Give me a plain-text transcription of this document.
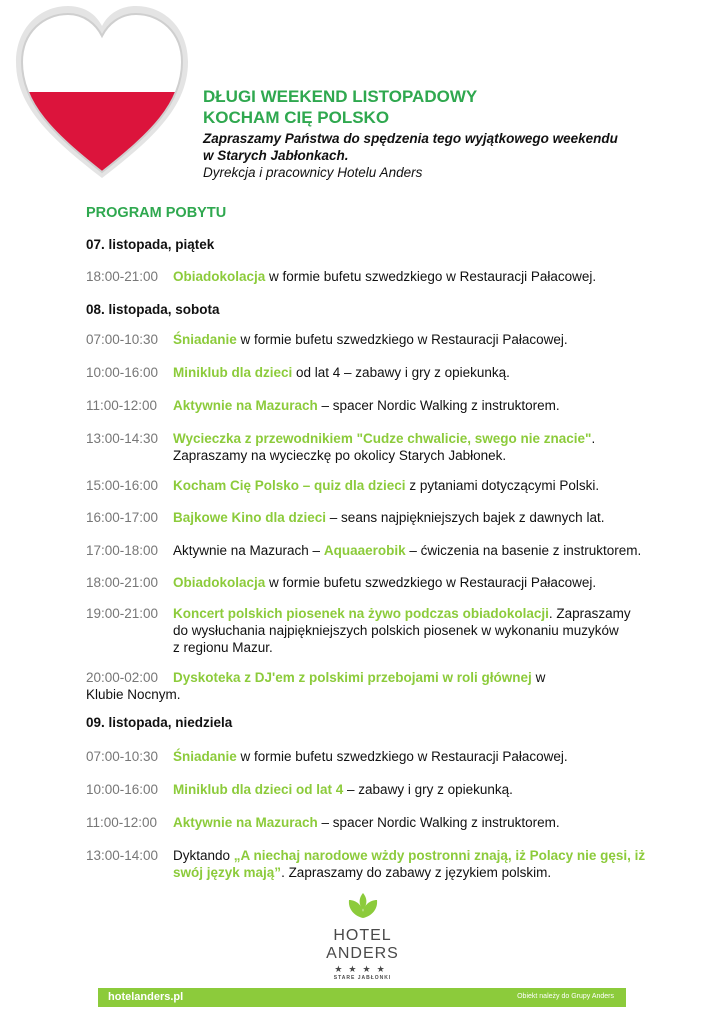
DŁUGI WEEKEND LISTOPADOWY
KOCHAM CIĘ POLSKO
Zapraszamy Państwa do spędzenia tego wyjątkowego weekendu
w Starych Jabłonkach.
Dyrekcja i pracownicy Hotelu Anders
PROGRAM POBYTU
07. listopada, piątek
18:00-21:00 Obiadokolacja w formie bufetu szwedzkiego w Restauracji Pałacowej.
08. listopada, sobota
07:00-10:30 Śniadanie w formie bufetu szwedzkiego w Restauracji Pałacowej.
10:00-16:00 Miniklub dla dzieci od lat 4 – zabawy i gry z opiekunką.
11:00-12:00 Aktywnie na Mazurach – spacer Nordic Walking z instruktorem.
13:00-14:30 Wycieczka z przewodnikiem "Cudze chwalicie, swego nie znacie".
Zapraszamy na wycieczkę po okolicy Starych Jabłonek.
15:00-16:00 Kocham Cię Polsko – quiz dla dzieci z pytaniami dotyczącymi Polski.
16:00-17:00 Bajkowe Kino dla dzieci – seans najpiękniejszych bajek z dawnych lat.
17:00-18:00 Aktywnie na Mazurach – Aquaaerobik – ćwiczenia na basenie z instruktorem.
18:00-21:00 Obiadokolacja w formie bufetu szwedzkiego w Restauracji Pałacowej.
19:00-21:00 Koncert polskich piosenek na żywo podczas obiadokolacji. Zapraszamy
do wysłuchania najpiękniejszych polskich piosenek w wykonaniu muzyków
z regionu Mazur.
20:00-02:00	Dyskoteka z DJ'em z polskimi przebojami w roli głównej w Klubie Nocnym.
09. listopada, niedziela
07:00-10:30 Śniadanie w formie bufetu szwedzkiego w Restauracji Pałacowej.
10:00-16:00 Miniklub dla dzieci od lat 4 – zabawy i gry z opiekunką.
11:00-12:00 Aktywnie na Mazurach – spacer Nordic Walking z instruktorem.
13:00-14:00 Dyktando „A niechaj narodowe wżdy postronni znają, iż Polacy nie gęsi, iż swój język mają”. Zapraszamy do zabawy z językiem polskim.
HOTEL ANDERS
★★★★
STARE JABŁONKI
hotelanders.pl	Obiekt należy do Grupy Anders
